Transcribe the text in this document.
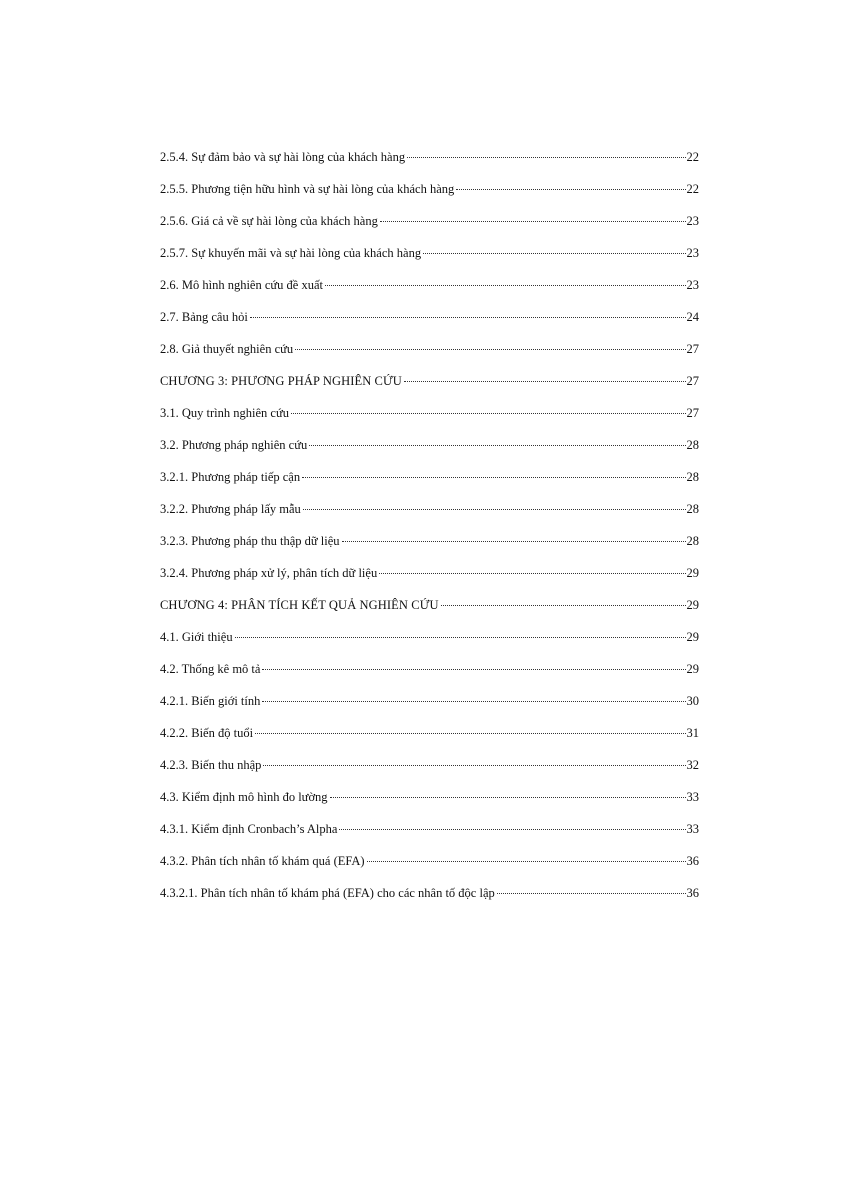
2.5.4. Sự đảm bảo và sự hài lòng của khách hàng	22
2.5.5. Phương tiện hữu hình và sự hài lòng của khách hàng	22
2.5.6. Giá cả về sự hài lòng của khách hàng	23
2.5.7. Sự khuyến mãi và sự hài lòng của khách hàng	23
2.6. Mô hình nghiên cứu đề xuất	23
2.7. Bảng câu hỏi	24
2.8. Giả thuyết nghiên cứu	27
CHƯƠNG 3: PHƯƠNG PHÁP NGHIÊN CỨU	27
3.1. Quy trình nghiên cứu	27
3.2. Phương pháp nghiên cứu	28
3.2.1. Phương pháp tiếp cận	28
3.2.2. Phương pháp lấy mẫu	28
3.2.3. Phương pháp thu thập dữ liệu	28
3.2.4. Phương pháp xử lý, phân tích dữ liệu	29
CHƯƠNG 4: PHÂN TÍCH KẾT QUẢ NGHIÊN CỨU	29
4.1. Giới thiệu	29
4.2. Thống kê mô tả	29
4.2.1. Biến giới tính	30
4.2.2. Biến độ tuổi	31
4.2.3. Biến thu nhập	32
4.3. Kiểm định mô hình đo lường	33
4.3.1. Kiểm định Cronbach’s Alpha	33
4.3.2. Phân tích nhân tố khám quá (EFA)	36
4.3.2.1. Phân tích nhân tố khám phá (EFA) cho các nhân tố độc lập	36
